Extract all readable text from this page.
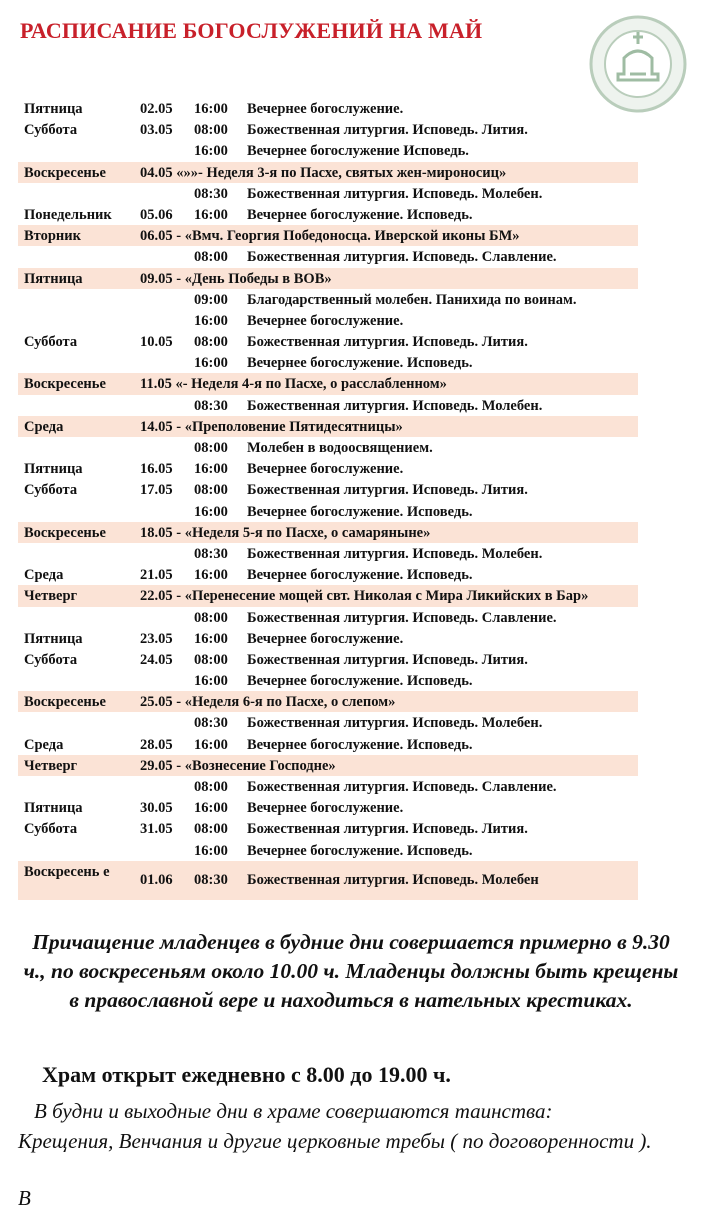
РАСПИСАНИЕ БОГОСЛУЖЕНИЙ НА МАЙ
Пятница	02.05 16:00 Вечернее богослужение.
Суббота	03.05 08:00 Божественная литургия. Исповедь. Лития.
16:00 Вечернее богослужение Исповедь.
Воскресенье 04.05 «»»- Неделя 3-я по Пасхе, святых жен-мироносиц»
08:30 Божественная литургия. Исповедь. Молебен.
Понедельник 05.06 16:00 Вечернее богослужение. Исповедь.
Вторник	06.05 - «Вмч. Георгия Победоносца. Иверской иконы БМ»
08:00 Божественная литургия. Исповедь. Славление.
Пятница	09.05 - «День Победы в ВОВ»
09:00 Благодарственный молебен. Панихида по воинам.
16:00 Вечернее богослужение.
Суббота	10.05 08:00 Божественная литургия. Исповедь. Лития.
16:00 Вечернее богослужение. Исповедь.
Воскресенье 11.05 «- Неделя 4-я по Пасхе, о расслабленном»
08:30 Божественная литургия. Исповедь. Молебен.
Среда	14.05 - «Преполовение Пятидесятницы»
08:00 Молебен в водоосвящением.
Пятница	16.05 16:00 Вечернее богослужение.
Суббота	17.05 08:00 Божественная литургия. Исповедь. Лития.
16:00 Вечернее богослужение. Исповедь.
Воскресенье 18.05 - «Неделя 5-я по Пасхе, о самаряныне»
08:30 Божественная литургия. Исповедь. Молебен.
Среда	21.05 16:00 Вечернее богослужение. Исповедь.
Четверг	22.05 - «Перенесение мощей свт. Николая с Мира Ликийских в Бар»
08:00 Божественная литургия. Исповедь. Славление.
Пятница	23.05 16:00 Вечернее богослужение.
Суббота	24.05 08:00 Божественная литургия. Исповедь. Лития.
16:00 Вечернее богослужение. Исповедь.
Воскресенье 25.05 - «Неделя 6-я по Пасхе, о слепом»
08:30 Божественная литургия. Исповедь. Молебен.
Среда	28.05 16:00 Вечернее богослужение. Исповедь.
Четверг	29.05 - «Вознесение Господне»
08:00 Божественная литургия. Исповедь. Славление.
Пятница	30.05 16:00 Вечернее богослужение.
Суббота	31.05 08:00 Божественная литургия. Исповедь. Лития.
16:00 Вечернее богослужение. Исповедь.
Воскресень е	01.06 08:30 Божественная литургия. Исповедь. Молебен
Причащение младенцев в будние дни совершается примерно в 9.30 ч., по воскресеньям около 10.00 ч. Младенцы должны быть крещены в православной вере и находиться в нательных крестиках.
Храм открыт ежедневно с 8.00 до 19.00 ч.
В будни и выходные дни в храме совершаются таинства:
Крещения, Венчания и другие церковные требы ( по договоренности ).
В
